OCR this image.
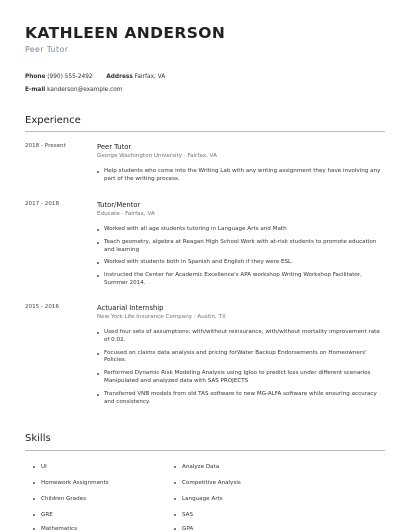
KATHLEEN ANDERSON
Peer Tutor
Phone (990) 555-2492 Address Fairfax, VA
E-mail kanderson@example.com
Experience
2018 - Present	Peer Tutor
George Washington University · Fairfax, VA
Help students who come into the Writing Lab with any writing assignment they have involving any part of the writing process.
2017 - 2018	Tutor/Mentor
Educate · Fairfax, VA
Worked with all age students tutoring in Language Arts and Math
Teach geometry, algebra at Reagan High School Work with at-risk students to promote education and learning
Worked with students both in Spanish and English if they were ESL.
Instructed the Center for Academic Excellence's APA workshop Writing Workshop Facilitator, Summer 2014.
2015 - 2016	Actuarial Internship
New York Life Insurance Company · Austin, TX
Used four sets of assumptions; with/without reinsurance, with/without mortality improvement rate of 0.02.
Focused on claims data analysis and pricing forWater Backup Endorsements on Homeowners' Policies.
Performed Dynamic Risk Modeling Analysis using Igloo to predict loss under different scenarios Manipulated and analyzed data with SAS PROJECTS
Transferred VNB models from old TAS software to new MG-ALFA software while ensuring accuracy and consistency.
Skills
UI
Homework Assignments
Children Grades
GRE
Mathematics
Analyze Data
Competitive Analysis
Language Arts
SAS
GPA
